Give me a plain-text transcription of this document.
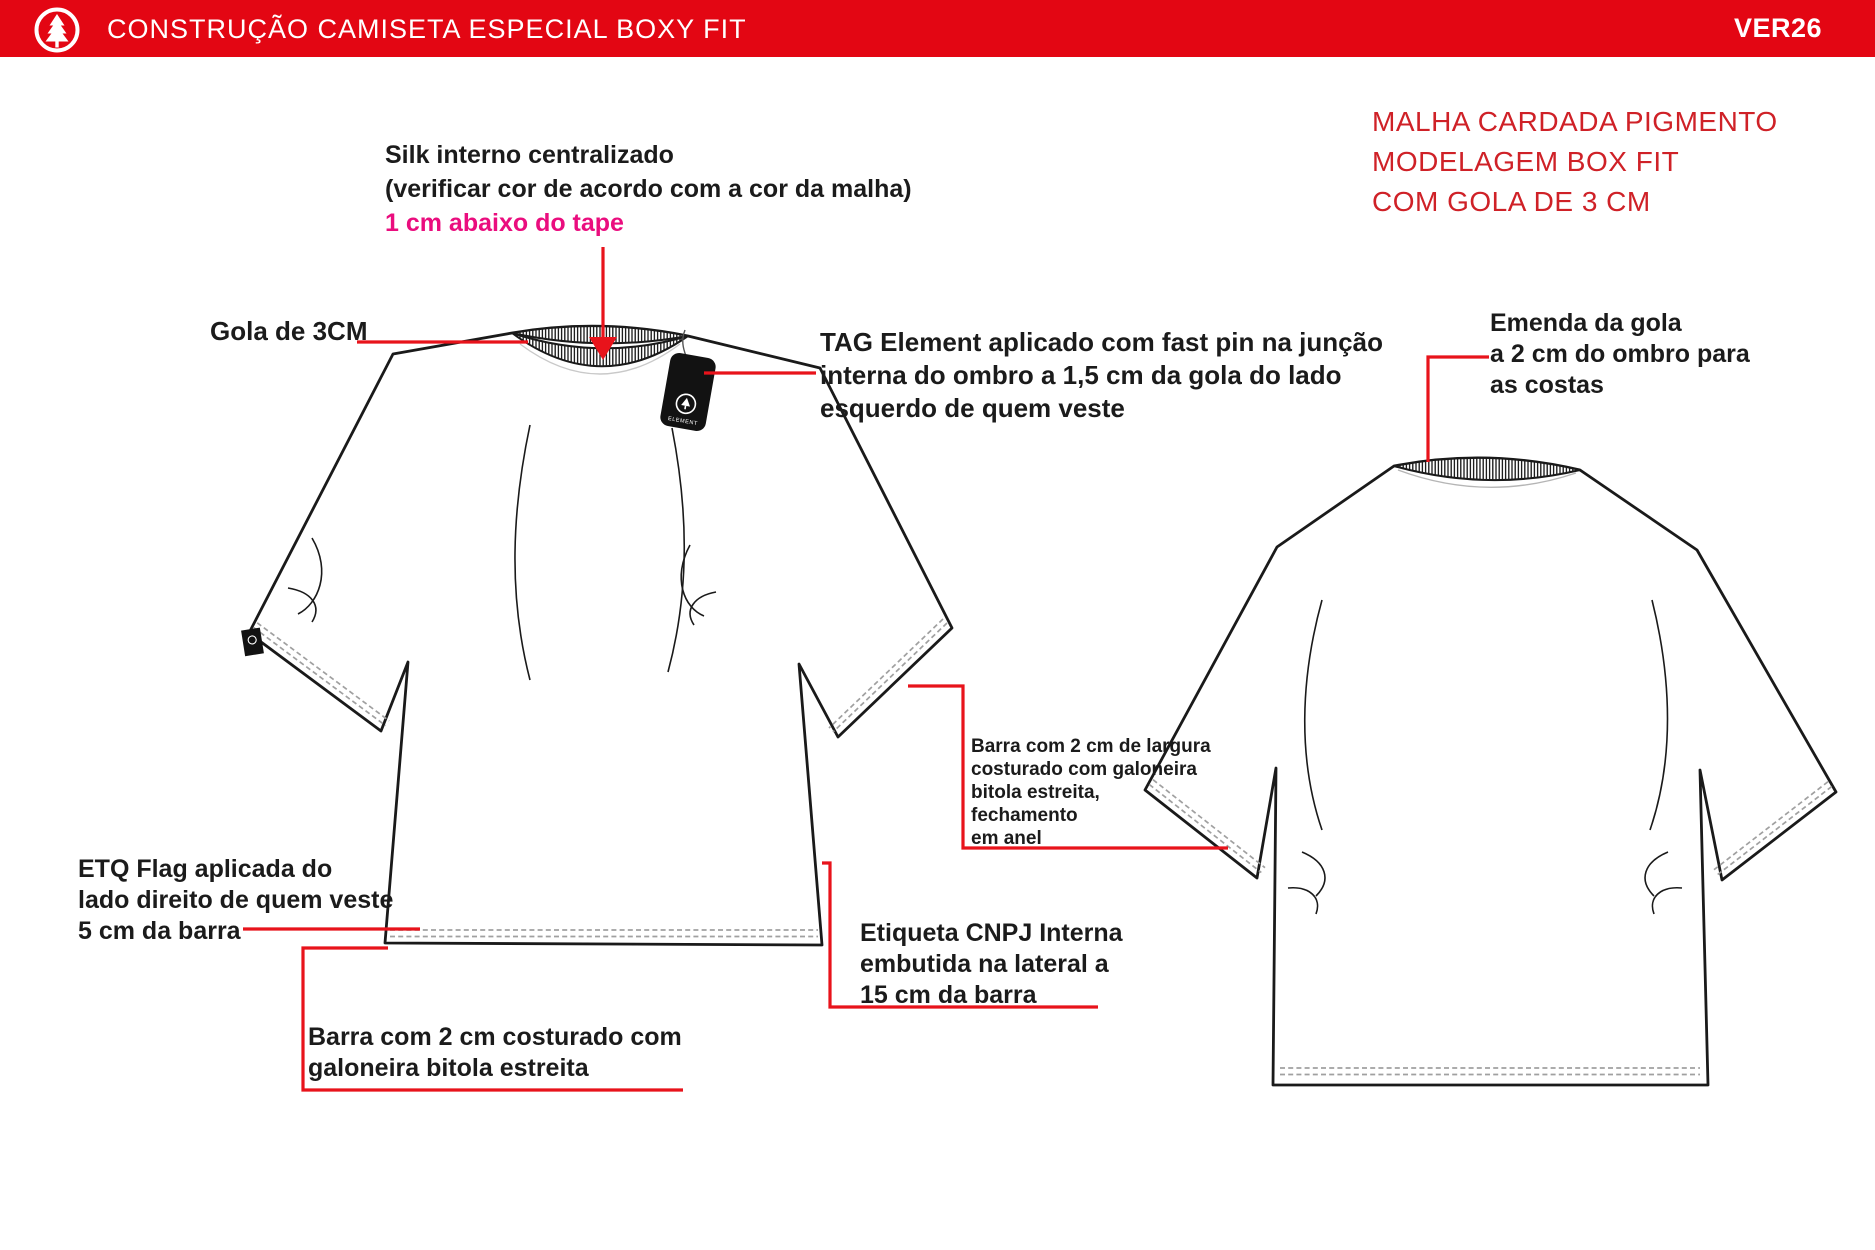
CONSTRUÇÃO CAMISETA ESPECIAL BOXY FIT	VER26
ELEMENT
Silk interno centralizado
(verificar cor de acordo com a cor da malha)
1 cm abaixo do tape
Gola de 3CM	TAG Element aplicado com fast pin na junção
interna do ombro a 1,5 cm da gola do lado
esquerdo de quem veste
MALHA CARDADA PIGMENTO
MODELAGEM BOX FIT
COM GOLA DE 3 CM
Emenda da gola
a 2 cm do ombro para
as costas
Barra com 2 cm de largura
costurado com galoneira
bitola estreita,
fechamento
em anel
ETQ Flag aplicada do
lado direito de quem veste
5 cm da barra	Etiqueta CNPJ Interna
embutida na lateral a
15 cm da barra
Barra com 2 cm costurado com
galoneira bitola estreita
